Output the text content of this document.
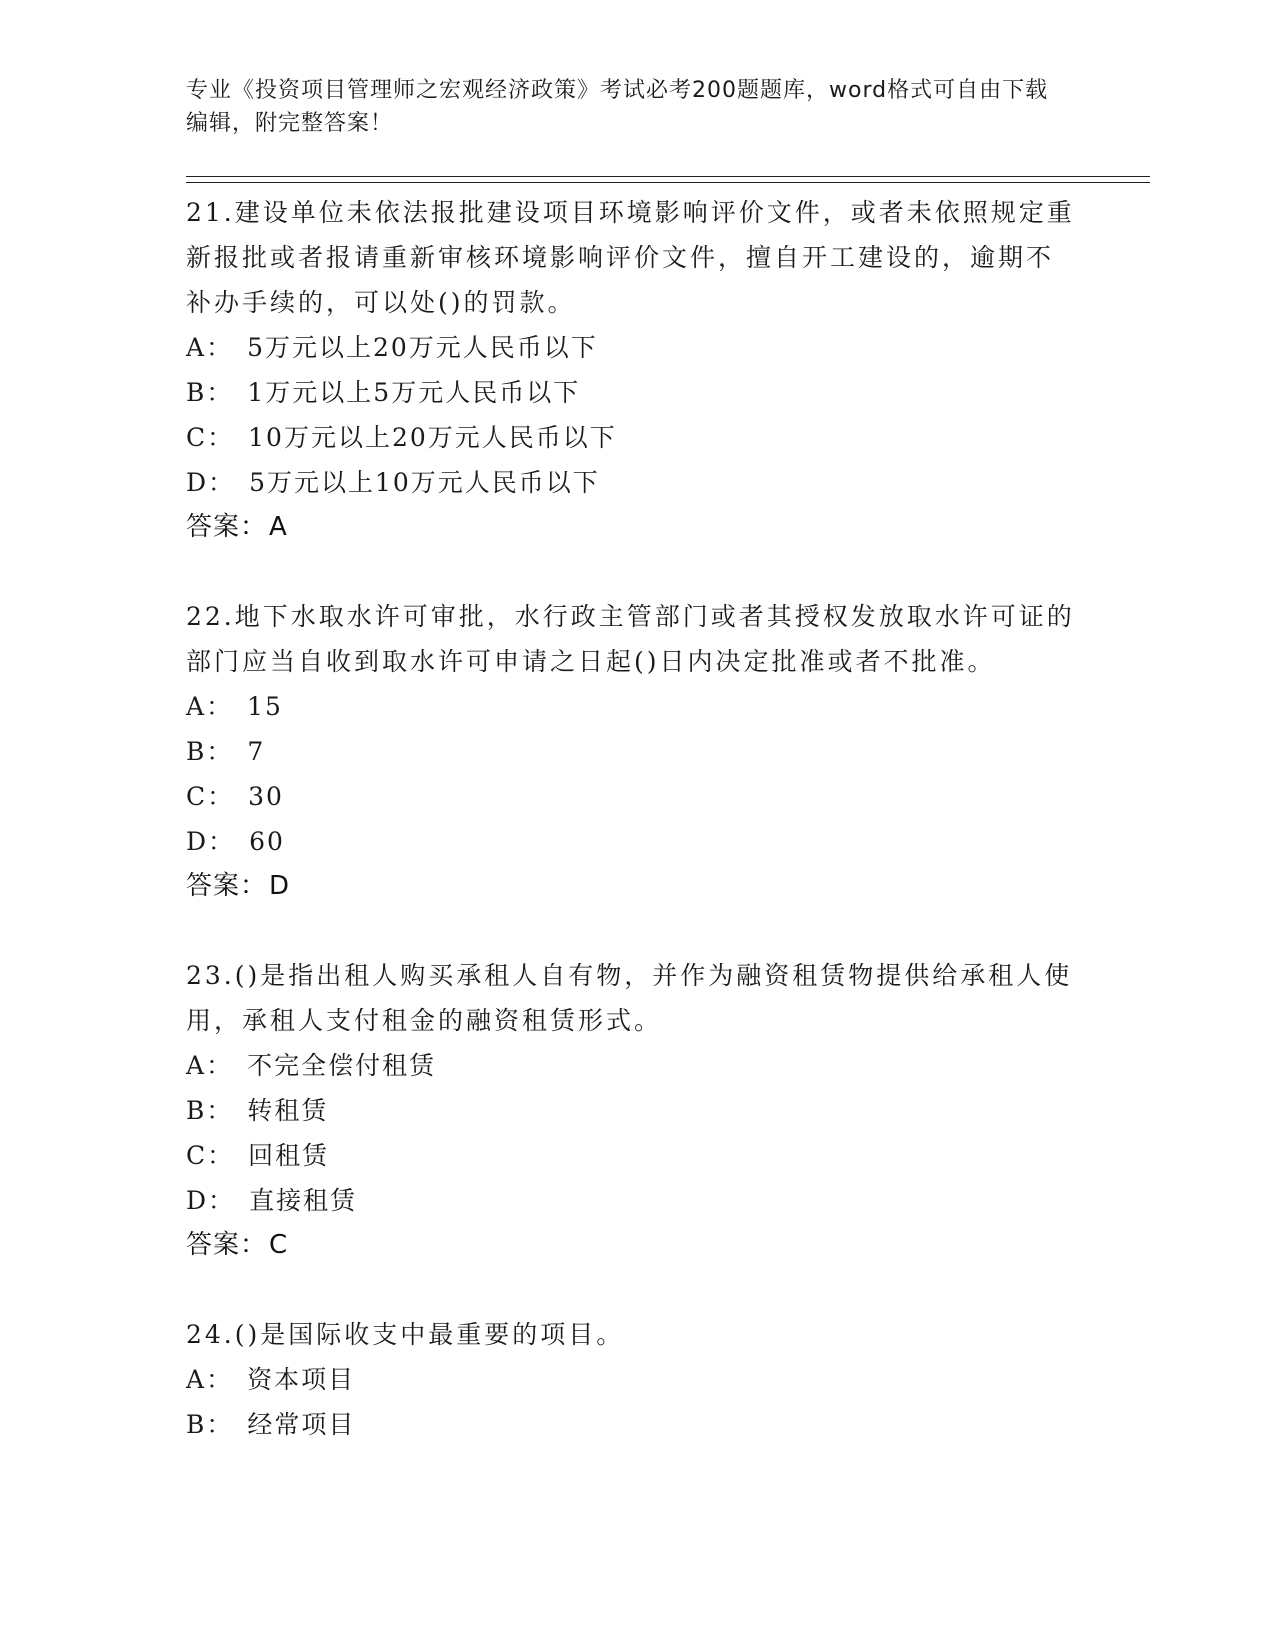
专业《投资项目管理师之宏观经济政策》考试必考200题题库，word格式可自由下载编辑，附完整答案！
21.建设单位未依法报批建设项目环境影响评价文件，或者未依照规定重新报批或者报请重新审核环境影响评价文件，擅自开工建设的，逾期不补办手续的，可以处()的罚款。
A： 5万元以上20万元人民币以下
B： 1万元以上5万元人民币以下
C： 10万元以上20万元人民币以下
D： 5万元以上10万元人民币以下
答案：A
22.地下水取水许可审批，水行政主管部门或者其授权发放取水许可证的部门应当自收到取水许可申请之日起()日内决定批准或者不批准。
A： 15
B： 7
C： 30
D： 60
答案：D
23.()是指出租人购买承租人自有物，并作为融资租赁物提供给承租人使用，承租人支付租金的融资租赁形式。
A： 不完全偿付租赁
B： 转租赁
C： 回租赁
D： 直接租赁
答案：C
24.()是国际收支中最重要的项目。
A： 资本项目
B： 经常项目
